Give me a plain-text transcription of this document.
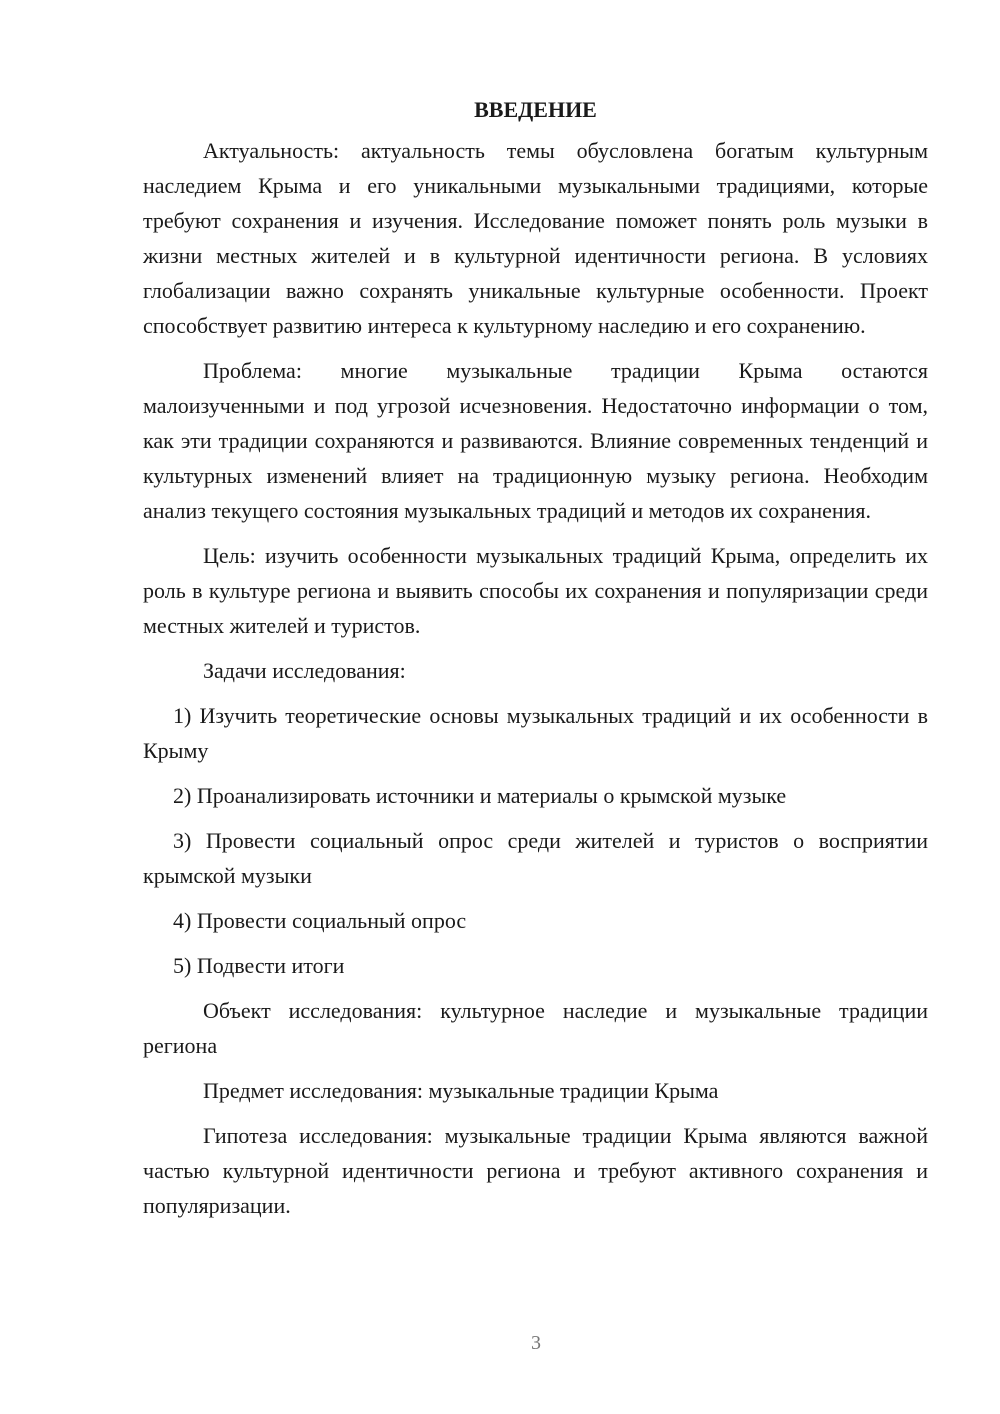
ВВЕДЕНИЕ

Актуальность: актуальность темы обусловлена богатым культурным наследием Крыма и его уникальными музыкальными традициями, которые требуют сохранения и изучения. Исследование поможет понять роль музыки в жизни местных жителей и в культурной идентичности региона. В условиях глобализации важно сохранять уникальные культурные особенности. Проект способствует развитию интереса к культурному наследию и его сохранению.

Проблема: многие музыкальные традиции Крыма остаются малоизученными и под угрозой исчезновения. Недостаточно информации о том, как эти традиции сохраняются и развиваются. Влияние современных тенденций и культурных изменений влияет на традиционную музыку региона. Необходим анализ текущего состояния музыкальных традиций и методов их сохранения.

Цель: изучить особенности музыкальных традиций Крыма, определить их роль в культуре региона и выявить способы их сохранения и популяризации среди местных жителей и туристов.

Задачи исследования:

1) Изучить теоретические основы музыкальных традиций и их особенности в Крыму

2) Проанализировать источники и материалы о крымской музыке

3) Провести социальный опрос среди жителей и туристов о восприятии крымской музыки

4) Провести социальный опрос

5) Подвести итоги

Объект исследования: культурное наследие и музыкальные традиции региона

Предмет исследования: музыкальные традиции Крыма

Гипотеза исследования: музыкальные традиции Крыма являются важной частью культурной идентичности региона и требуют активного сохранения и популяризации.

3
